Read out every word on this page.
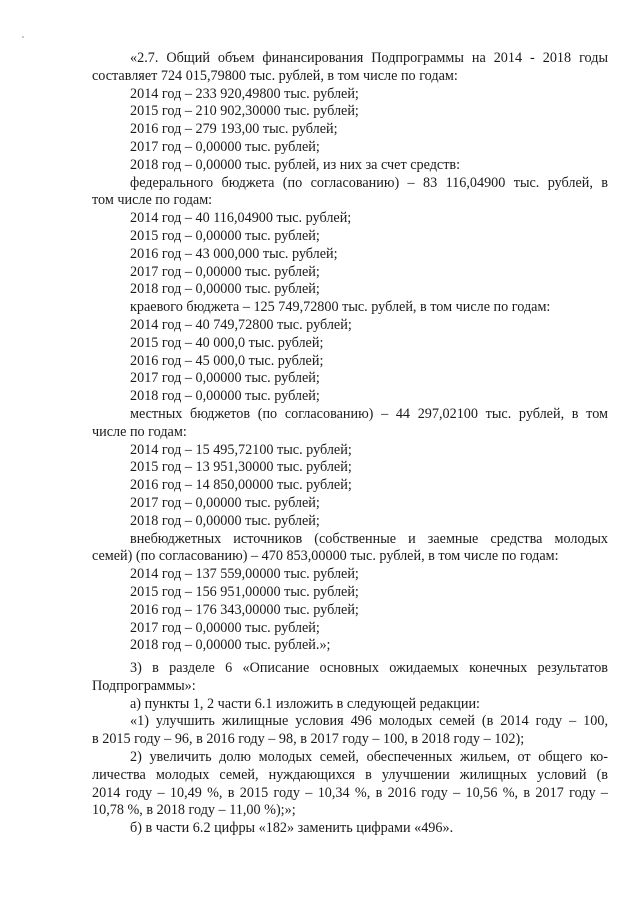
«2.7. Общий объем финансирования Подпрограммы на 2014 - 2018 годы
составляет 724 015,79800 тыс. рублей, в том числе по годам:
2014 год – 233 920,49800 тыс. рублей;
2015 год – 210 902,30000 тыс. рублей;
2016 год – 279 193,00 тыс. рублей;
2017 год – 0,00000 тыс. рублей;
2018 год – 0,00000 тыс. рублей, из них за счет средств:
федерального бюджета (по согласованию) – 83 116,04900 тыс. рублей, в
том числе по годам:
2014 год – 40 116,04900 тыс. рублей;
2015 год – 0,00000 тыс. рублей;
2016 год – 43 000,000 тыс. рублей;
2017 год – 0,00000 тыс. рублей;
2018 год – 0,00000 тыс. рублей;
краевого бюджета – 125 749,72800 тыс. рублей, в том числе по годам:
2014 год – 40 749,72800 тыс. рублей;
2015 год – 40 000,0 тыс. рублей;
2016 год – 45 000,0 тыс. рублей;
2017 год – 0,00000 тыс. рублей;
2018 год – 0,00000 тыс. рублей;
местных бюджетов (по согласованию) – 44 297,02100 тыс. рублей, в том
числе по годам:
2014 год – 15 495,72100 тыс. рублей;
2015 год – 13 951,30000 тыс. рублей;
2016 год – 14 850,00000 тыс. рублей;
2017 год – 0,00000 тыс. рублей;
2018 год – 0,00000 тыс. рублей;
внебюджетных источников (собственные и заемные средства молодых
семей) (по согласованию) – 470 853,00000 тыс. рублей, в том числе по годам:
2014 год – 137 559,00000 тыс. рублей;
2015 год – 156 951,00000 тыс. рублей;
2016 год – 176 343,00000 тыс. рублей;
2017 год – 0,00000 тыс. рублей;
2018 год – 0,00000 тыс. рублей.»;
3) в разделе 6 «Описание основных ожидаемых конечных результатов
Подпрограммы»:
а) пункты 1, 2 части 6.1 изложить в следующей редакции:
«1) улучшить жилищные условия 496 молодых семей (в 2014 году – 100,
в 2015 году – 96, в 2016 году – 98, в 2017 году – 100, в 2018 году – 102);
2) увеличить долю молодых семей, обеспеченных жильем, от общего ко-
личества молодых семей, нуждающихся в улучшении жилищных условий (в
2014 году – 10,49 %, в 2015 году – 10,34 %, в 2016 году – 10,56 %, в 2017 году –
10,78 %, в 2018 году – 11,00 %);»;
б) в части 6.2 цифры «182» заменить цифрами «496».
